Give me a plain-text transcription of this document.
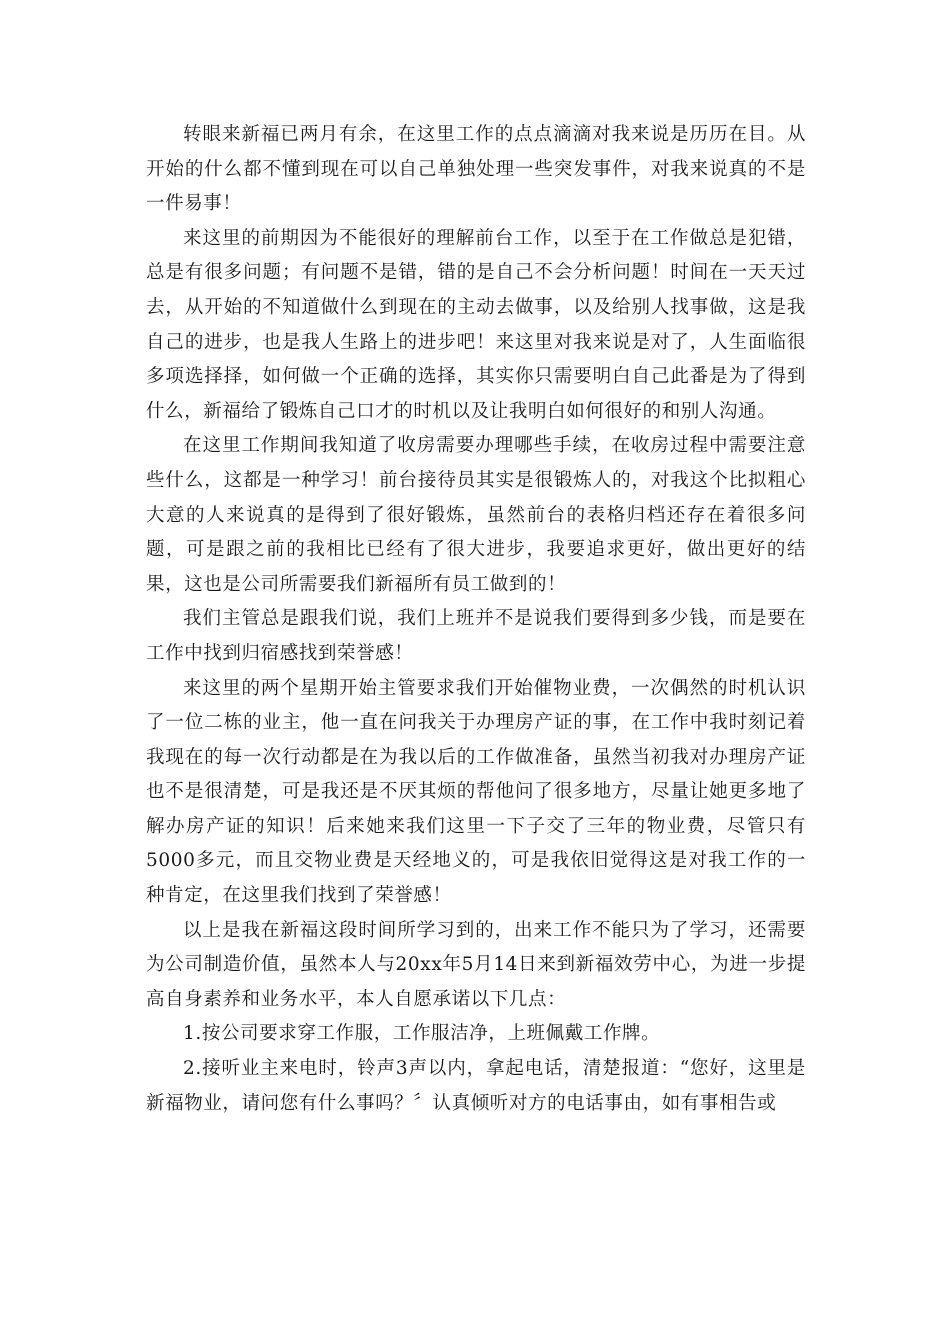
转眼来新福已两月有余，在这里工作的点点滴滴对我来说是历历在目。从开始的什么都不懂到现在可以自己单独处理一些突发事件，对我来说真的不是一件易事！

来这里的前期因为不能很好的理解前台工作，以至于在工作做总是犯错，总是有很多问题；有问题不是错，错的是自己不会分析问题！时间在一天天过去，从开始的不知道做什么到现在的主动去做事，以及给别人找事做，这是我自己的进步，也是我人生路上的进步吧！来这里对我来说是对了，人生面临很多项选择择，如何做一个正确的选择，其实你只需要明白自己此番是为了得到什么，新福给了锻炼自己口才的时机以及让我明白如何很好的和别人沟通。

在这里工作期间我知道了收房需要办理哪些手续，在收房过程中需要注意些什么，这都是一种学习！前台接待员其实是很锻炼人的，对我这个比拟粗心大意的人来说真的是得到了很好锻炼，虽然前台的表格归档还存在着很多问题，可是跟之前的我相比已经有了很大进步，我要追求更好，做出更好的结果，这也是公司所需要我们新福所有员工做到的！

我们主管总是跟我们说，我们上班并不是说我们要得到多少钱，而是要在工作中找到归宿感找到荣誉感！

来这里的两个星期开始主管要求我们开始催物业费，一次偶然的时机认识了一位二栋的业主，他一直在问我关于办理房产证的事，在工作中我时刻记着我现在的每一次行动都是在为我以后的工作做准备，虽然当初我对办理房产证也不是很清楚，可是我还是不厌其烦的帮他问了很多地方，尽量让她更多地了解办房产证的知识！后来她来我们这里一下子交了三年的物业费，尽管只有5000多元，而且交物业费是天经地义的，可是我依旧觉得这是对我工作的一种肯定，在这里我们找到了荣誉感！

以上是我在新福这段时间所学习到的，出来工作不能只为了学习，还需要为公司制造价值，虽然本人与20xx年5月14日来到新福效劳中心，为进一步提高自身素养和业务水平，本人自愿承诺以下几点：

1.按公司要求穿工作服，工作服洁净，上班佩戴工作牌。

2.接听业主来电时，铃声3声以内，拿起电话，清楚报道：“您好，这里是新福物业，请问您有什么事吗？〞认真倾听对方的电话事由，如有事相告或
